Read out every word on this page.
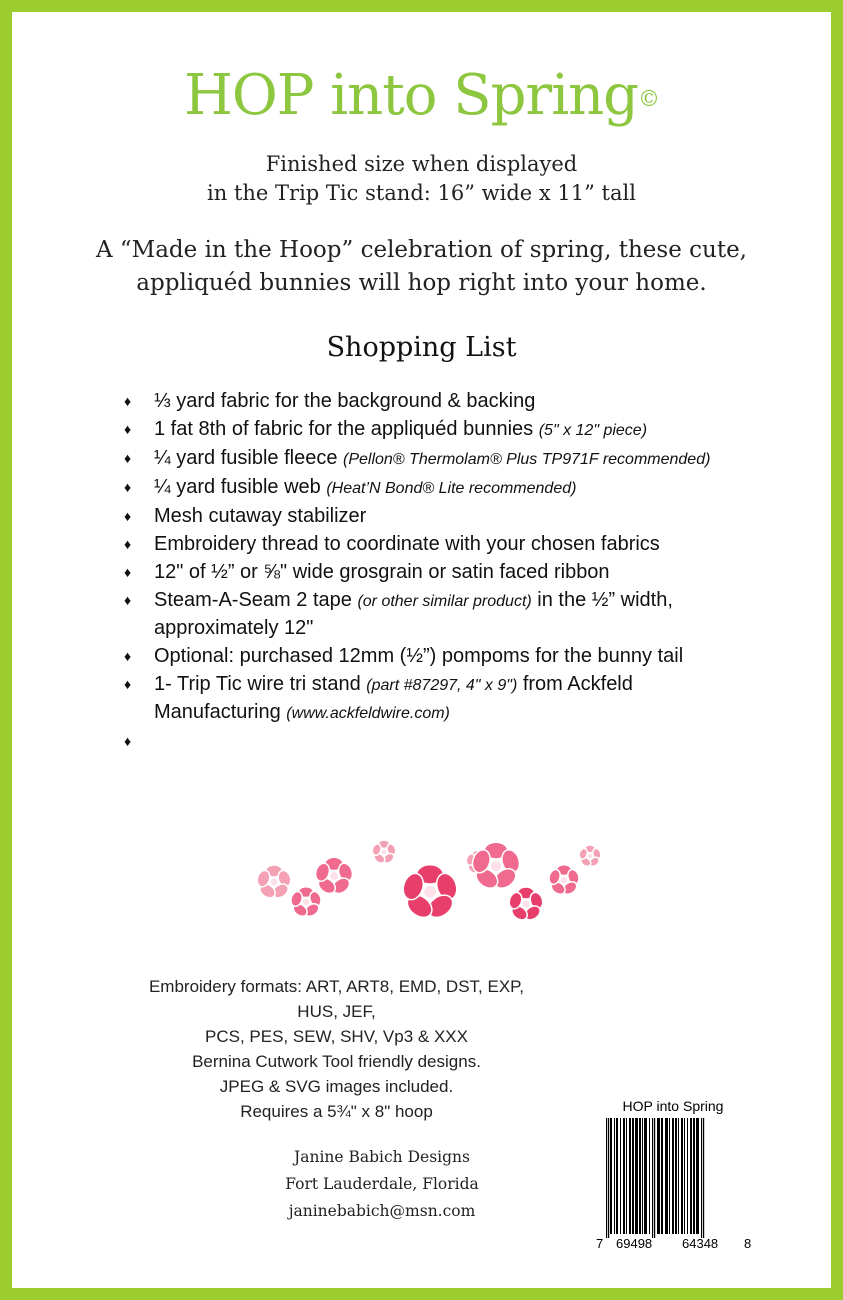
HOP into Spring©
Finished size when displayed
in the Trip Tic stand: 16” wide x 11” tall
A “Made in the Hoop” celebration of spring, these cute,
appliquéd bunnies will hop right into your home.
Shopping List
♦ ⅓ yard fabric for the background & backing
♦ 1 fat 8th of fabric for the appliquéd bunnies (5" x 12" piece)
♦ ¼ yard fusible fleece (Pellon® Thermolam® Plus TP971F recommended)
♦ ¼ yard fusible web (Heat’N Bond® Lite recommended)
♦ Mesh cutaway stabilizer
♦ Embroidery thread to coordinate with your chosen fabrics
♦ 12" of ½” or ⅝" wide grosgrain or satin faced ribbon
♦ Steam-A-Seam 2 tape (or other similar product) in the ½” width, approximately 12"
♦ Optional: purchased 12mm (½”) pompoms for the bunny tail
♦ 1- Trip Tic wire tri stand (part #87297, 4" x 9") from Ackfeld Manufacturing (www.ackfeldwire.com)
♦
Embroidery formats: ART, ART8, EMD, DST, EXP, HUS, JEF,
PCS, PES, SEW, SHV, Vp3 & XXX
Bernina Cutwork Tool friendly designs.
JPEG & SVG images included.
Requires a 5¾" x 8" hoop
Janine Babich Designs
Fort Lauderdale, Florida
janinebabich@msn.com
HOP into Spring
7 69498 64348 8
